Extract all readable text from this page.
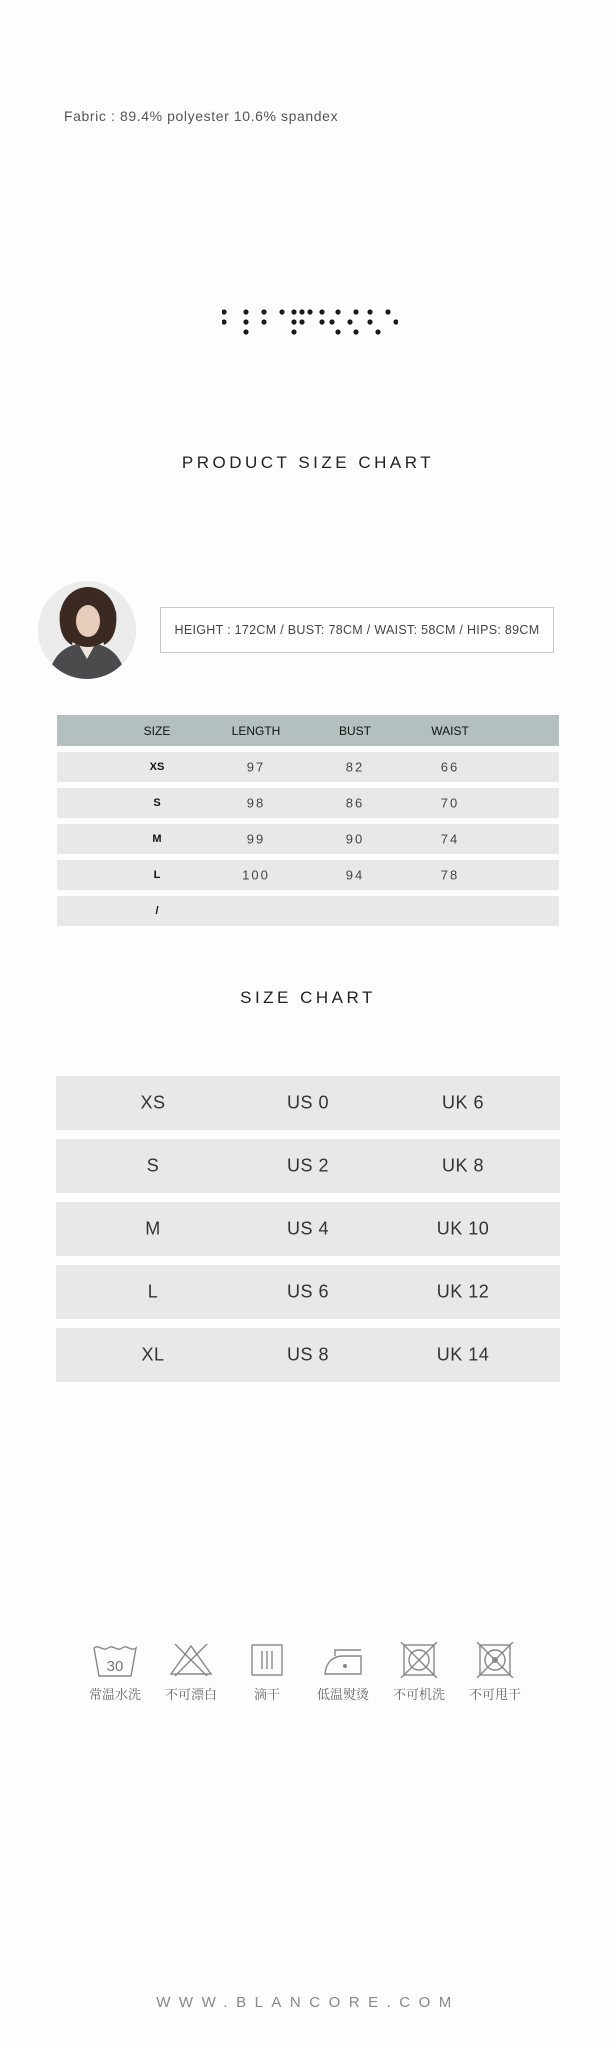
Fabric : 89.4% polyester 10.6% spandex
PRODUCT SIZE CHART
HEIGHT : 172CM / BUST: 78CM / WAIST: 58CM / HIPS: 89CM
SIZE	LENGTH	BUST	WAIST
XS	97	82	66
S	98	86	70
M	99	90	74
L	100	94	78
/
SIZE CHART
XS	US 0	UK 6
S	US 2	UK 8
M	US 4	UK 10
L	US 6	UK 12
XL	US 8	UK 14
30
常温水洗	不可漂白	滴干	低温熨烫	不可机洗	不可甩干
WWW.BLANCORE.COM
